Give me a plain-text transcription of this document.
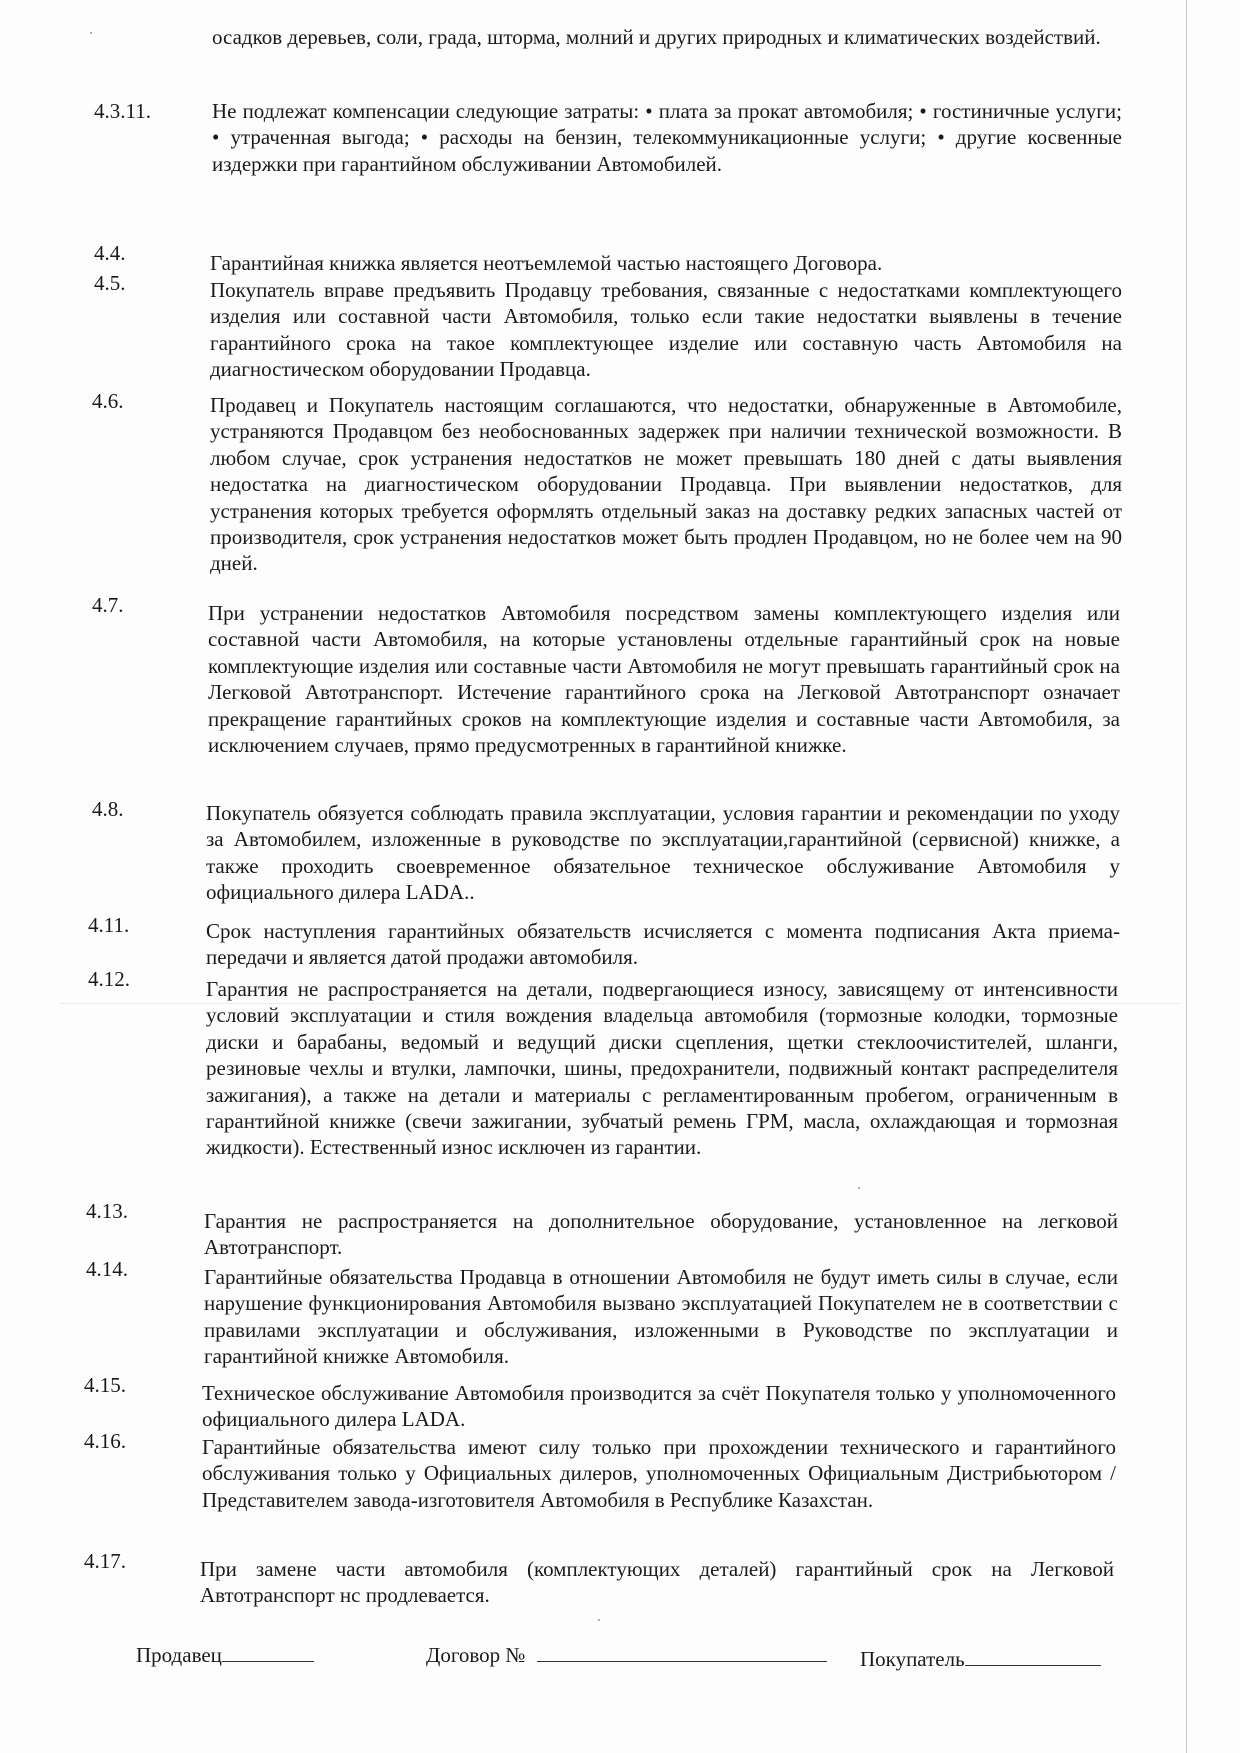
осадков деревьев, соли, града, шторма, молний и других природных и климатических воздействий.
4.3.11.	Не подлежат компенсации следующие затраты: • плата за прокат автомобиля; • гостиничные услуги; • утраченная выгода; • расходы на бензин, телекоммуникационные услуги; • другие косвенные издержки при гарантийном обслуживании Автомобилей.
4.4.	Гарантийная книжка является неотъемлемой частью настоящего Договора.
4.5.	Покупатель вправе предъявить Продавцу требования, связанные с недостатками комплектующего изделия или составной части Автомобиля, только если такие недостатки выявлены в течение гарантийного срока на такое комплектующее изделие или составную часть Автомобиля на диагностическом оборудовании Продавца.
4.6.	Продавец и Покупатель настоящим соглашаются, что недостатки, обнаруженные в Автомобиле, устраняются Продавцом без необоснованных задержек при наличии технической возможности. В любом случае, срок устранения недостатков не может превышать 180 дней с даты выявления недостатка на диагностическом оборудовании Продавца. При выявлении недостатков, для устранения которых требуется оформлять отдельный заказ на доставку редких запасных частей от производителя, срок устранения недостатков может быть продлен Продавцом, но не более чем на 90 дней.
4.7.	При устранении недостатков Автомобиля посредством замены комплектующего изделия или составной части Автомобиля, на которые установлены отдельные гарантийный срок на новые комплектующие изделия или составные части Автомобиля не могут превышать гарантийный срок на Легковой Автотранспорт. Истечение гарантийного срока на Легковой Автотранспорт означает прекращение гарантийных сроков на комплектующие изделия и составные части Автомобиля, за исключением случаев, прямо предусмотренных в гарантийной книжке.
4.8.	Покупатель обязуется соблюдать правила эксплуатации, условия гарантии и рекомендации по уходу за Автомобилем, изложенные в руководстве по эксплуатации,гарантийной (сервисной) книжке, а также проходить своевременное обязательное техническое обслуживание Автомобиля у официального дилера LADA..
4.11.	Срок наступления гарантийных обязательств исчисляется с момента подписания Акта приема-передачи и является датой продажи автомобиля.
4.12.	Гарантия не распространяется на детали, подвергающиеся износу, зависящему от интенсивности условий эксплуатации и стиля вождения владельца автомобиля (тормозные колодки, тормозные диски и барабаны, ведомый и ведущий диски сцепления, щетки стеклоочистителей, шланги, резиновые чехлы и втулки, лампочки, шины, предохранители, подвижный контакт распределителя зажигания), а также на детали и материалы с регламентированным пробегом, ограниченным в гарантийной книжке (свечи зажигании, зубчатый ремень ГРМ, масла, охлаждающая и тормозная жидкости). Естественный износ исключен из гарантии.
4.13.	Гарантия не распространяется на дополнительное оборудование, установленное на легковой Автотранспорт.
4.14.	Гарантийные обязательства Продавца в отношении Автомобиля не будут иметь силы в случае, если нарушение функционирования Автомобиля вызвано эксплуатацией Покупателем не в соответствии с правилами эксплуатации и обслуживания, изложенными в Руководстве по эксплуатации и гарантийной книжке Автомобиля.
4.15.	Техническое обслуживание Автомобиля производится за счёт Покупателя только у уполномоченного официального дилера LADA.
4.16.	Гарантийные обязательства имеют силу только при прохождении технического и гарантийного обслуживания только у Официальных дилеров, уполномоченных Официальным Дистрибьютором / Представителем завода-изготовителя Автомобиля в Республике Казахстан.
4.17.	При замене части автомобиля (комплектующих деталей) гарантийный срок на Легковой Автотранспорт нс продлевается.
Продавец	Договор №	Покупатель
